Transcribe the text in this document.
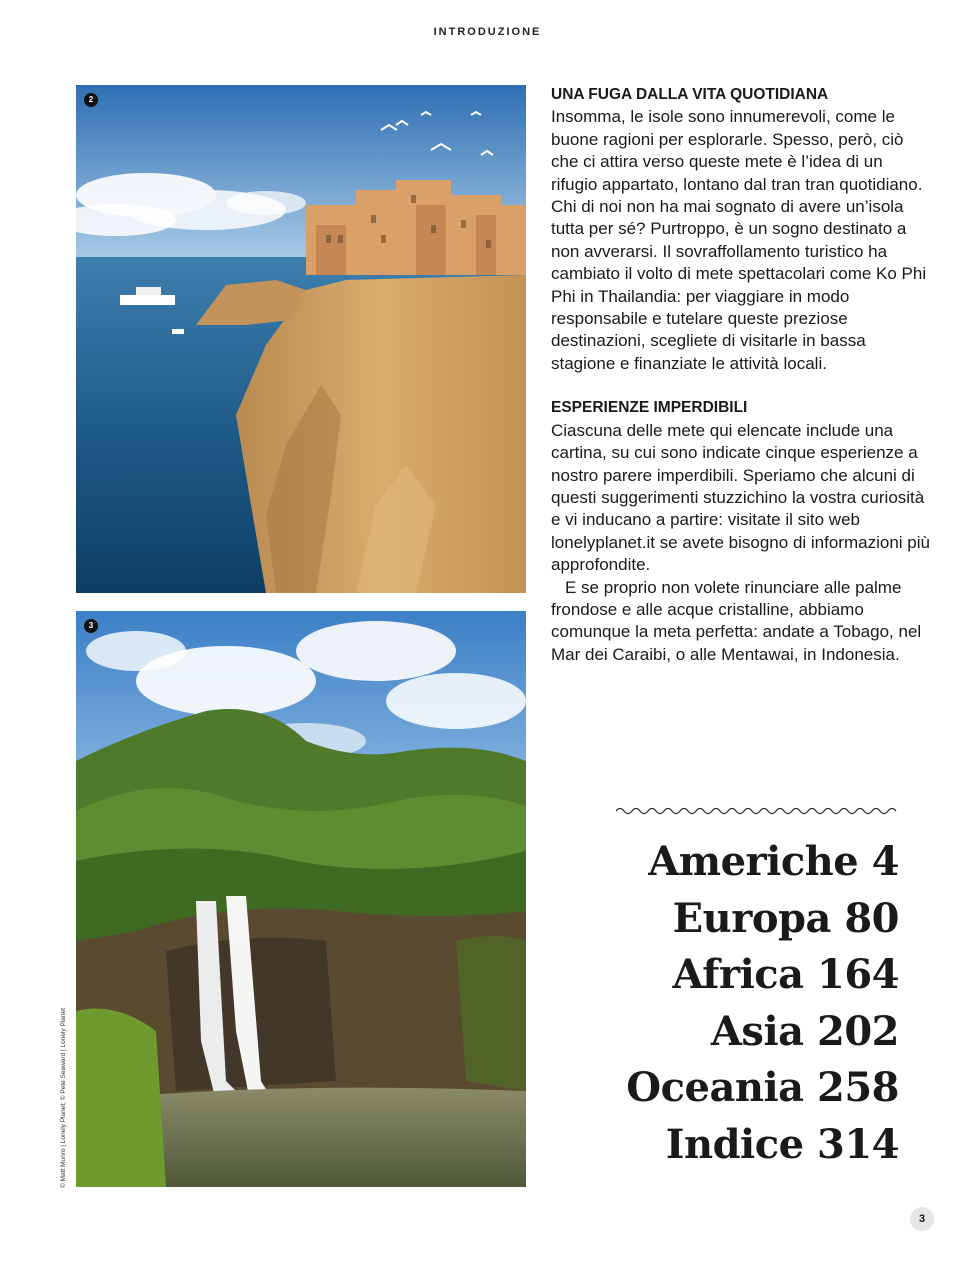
INTRODUZIONE
2
3
© Matt Munro | Lonely Planet; © Pete Seaward | Lonely Planet
UNA FUGA DALLA VITA QUOTIDIANA

Insomma, le isole sono innumerevoli, come le buone ragioni per esplorarle. Spesso, però, ciò che ci attira verso queste mete è l’idea di un rifugio appartato, lontano dal tran tran quotidiano. Chi di noi non ha mai sognato di avere un’isola tutta per sé? Purtroppo, è un sogno destinato a non avverarsi. Il sovraffollamento turistico ha cambiato il volto di mete spettacolari come Ko Phi Phi in Thailandia: per viaggiare in modo responsabile e tutelare queste preziose destinazioni, scegliete di visitarle in bassa stagione e finanziate le attività locali.

ESPERIENZE IMPERDIBILI

Ciascuna delle mete qui elencate include una cartina, su cui sono indicate cinque esperienze a nostro parere imperdibili. Speriamo che alcuni di questi suggerimenti stuzzichino la vostra curiosità e vi inducano a partire: visitate il sito web lonelyplanet.it se avete bisogno di informazioni più approfondite.

E se proprio non volete rinunciare alle palme frondose e alle acque cristalline, abbiamo comunque la meta perfetta: andate a Tobago, nel Mar dei Caraibi, o alle Mentawai, in Indonesia.

Americhe 4
Europa 80
Africa 164
Asia 202
Oceania 258
Indice 314
3
